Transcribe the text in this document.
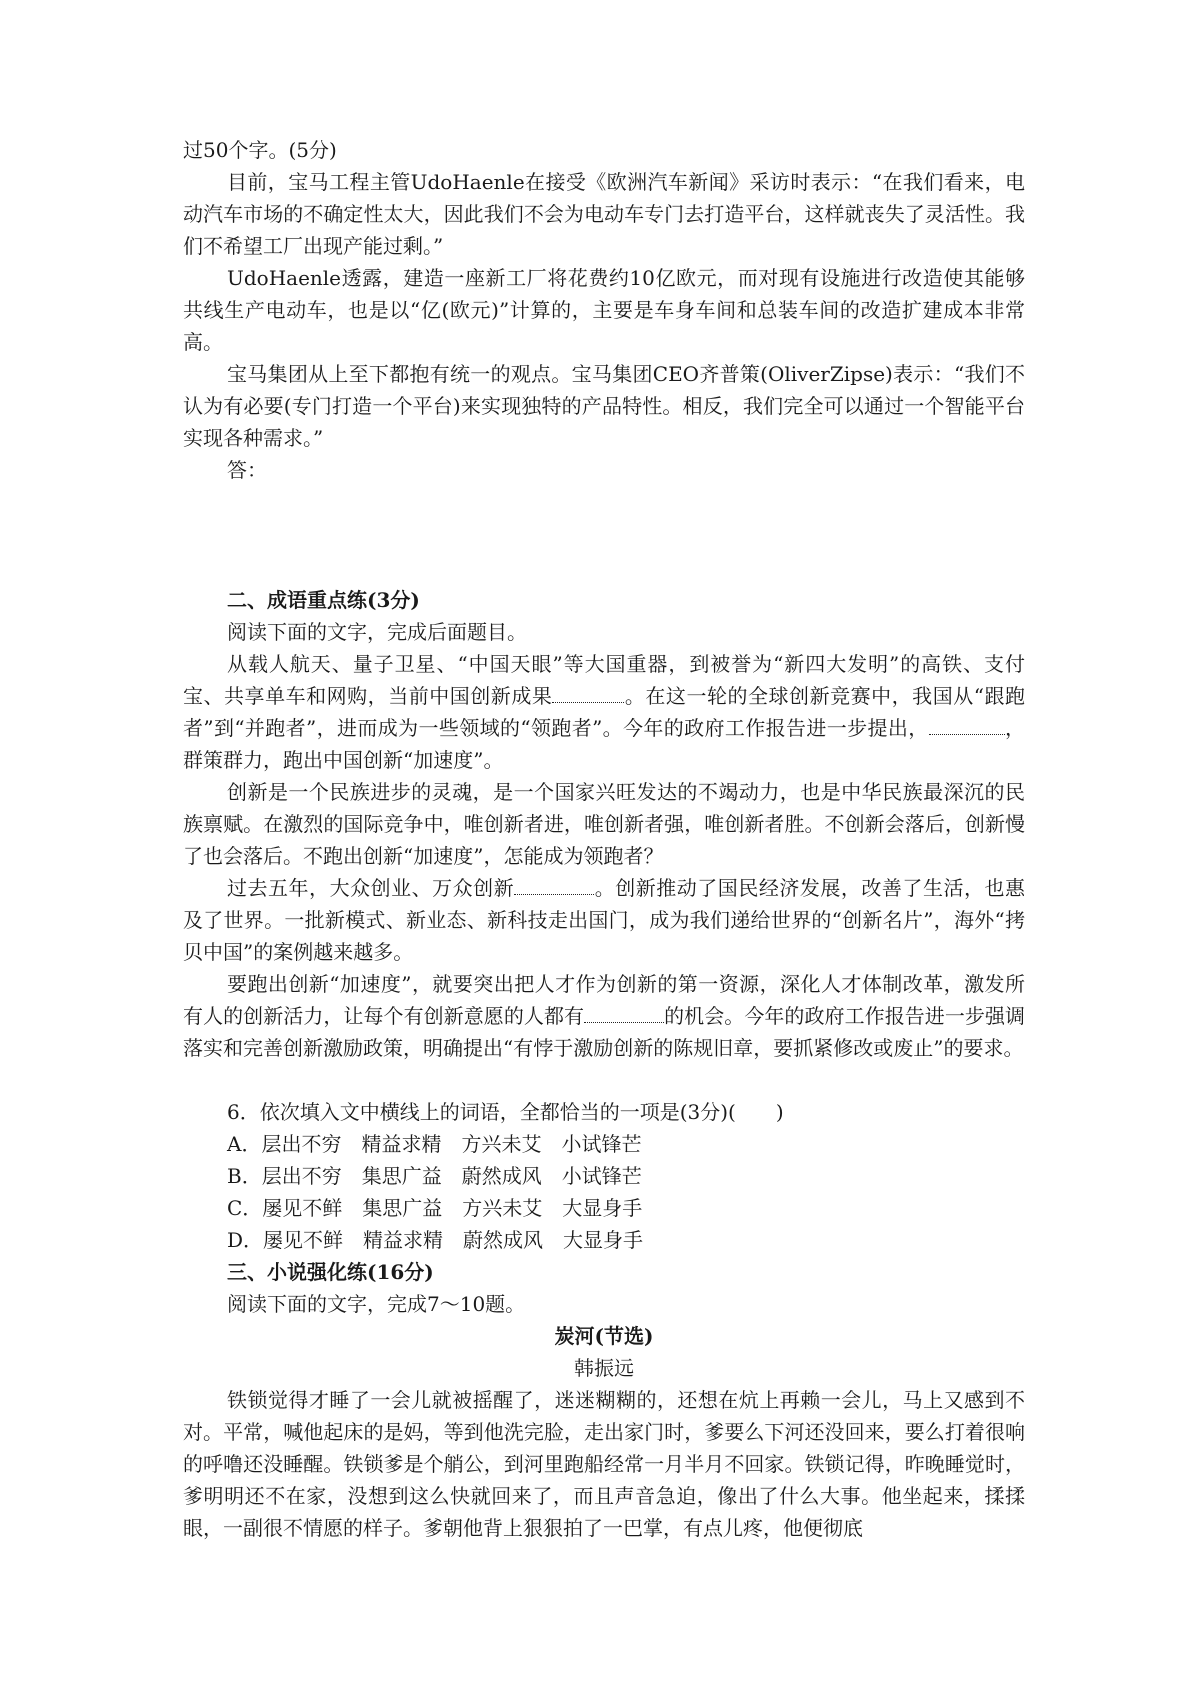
过50个字。(5分)

目前，宝马工程主管UdoHaenle在接受《欧洲汽车新闻》采访时表示：“在我们看来，电动汽车市场的不确定性太大，因此我们不会为电动车专门去打造平台，这样就丧失了灵活性。我们不希望工厂出现产能过剩。”

UdoHaenle透露，建造一座新工厂将花费约10亿欧元，而对现有设施进行改造使其能够共线生产电动车，也是以“亿(欧元)”计算的，主要是车身车间和总装车间的改造扩建成本非常高。

宝马集团从上至下都抱有统一的观点。宝马集团CEO齐普策(OliverZipse)表示：“我们不认为有必要(专门打造一个平台)来实现独特的产品特性。相反，我们完全可以通过一个智能平台实现各种需求。”

答：

二、成语重点练(3分)

阅读下面的文字，完成后面题目。

从载人航天、量子卫星、“中国天眼”等大国重器，到被誉为“新四大发明”的高铁、支付宝、共享单车和网购，当前中国创新成果	。在这一轮的全球创新竞赛中，我国从“跟跑者”到“并跑者”，进而成为一些领域的“领跑者”。今年的政府工作报告进一步提出，	，群策群力，跑出中国创新“加速度”。

创新是一个民族进步的灵魂，是一个国家兴旺发达的不竭动力，也是中华民族最深沉的民族禀赋。在激烈的国际竞争中，唯创新者进，唯创新者强，唯创新者胜。不创新会落后，创新慢了也会落后。不跑出创新“加速度”，怎能成为领跑者？

过去五年，大众创业、万众创新	。创新推动了国民经济发展，改善了生活，也惠及了世界。一批新模式、新业态、新科技走出国门，成为我们递给世界的“创新名片”，海外“拷贝中国”的案例越来越多。

要跑出创新“加速度”，就要突出把人才作为创新的第一资源，深化人才体制改革，激发所有人的创新活力，让每个有创新意愿的人都有	的机会。今年的政府工作报告进一步强调落实和完善创新激励政策，明确提出“有悖于激励创新的陈规旧章，要抓紧修改或废止”的要求。

6．依次填入文中横线上的词语，全都恰当的一项是(3分)(　　)

A．层出不穷　精益求精　方兴未艾　小试锋芒

B．层出不穷　集思广益　蔚然成风　小试锋芒

C．屡见不鲜　集思广益　方兴未艾　大显身手

D．屡见不鲜　精益求精　蔚然成风　大显身手

三、小说强化练(16分)

阅读下面的文字，完成7～10题。

炭河(节选)

韩振远

铁锁觉得才睡了一会儿就被摇醒了，迷迷糊糊的，还想在炕上再赖一会儿，马上又感到不对。平常，喊他起床的是妈，等到他洗完脸，走出家门时，爹要么下河还没回来，要么打着很响的呼噜还没睡醒。铁锁爹是个艄公，到河里跑船经常一月半月不回家。铁锁记得，昨晚睡觉时，爹明明还不在家，没想到这么快就回来了，而且声音急迫，像出了什么大事。他坐起来，揉揉眼，一副很不情愿的样子。爹朝他背上狠狠拍了一巴掌，有点儿疼，他便彻底
